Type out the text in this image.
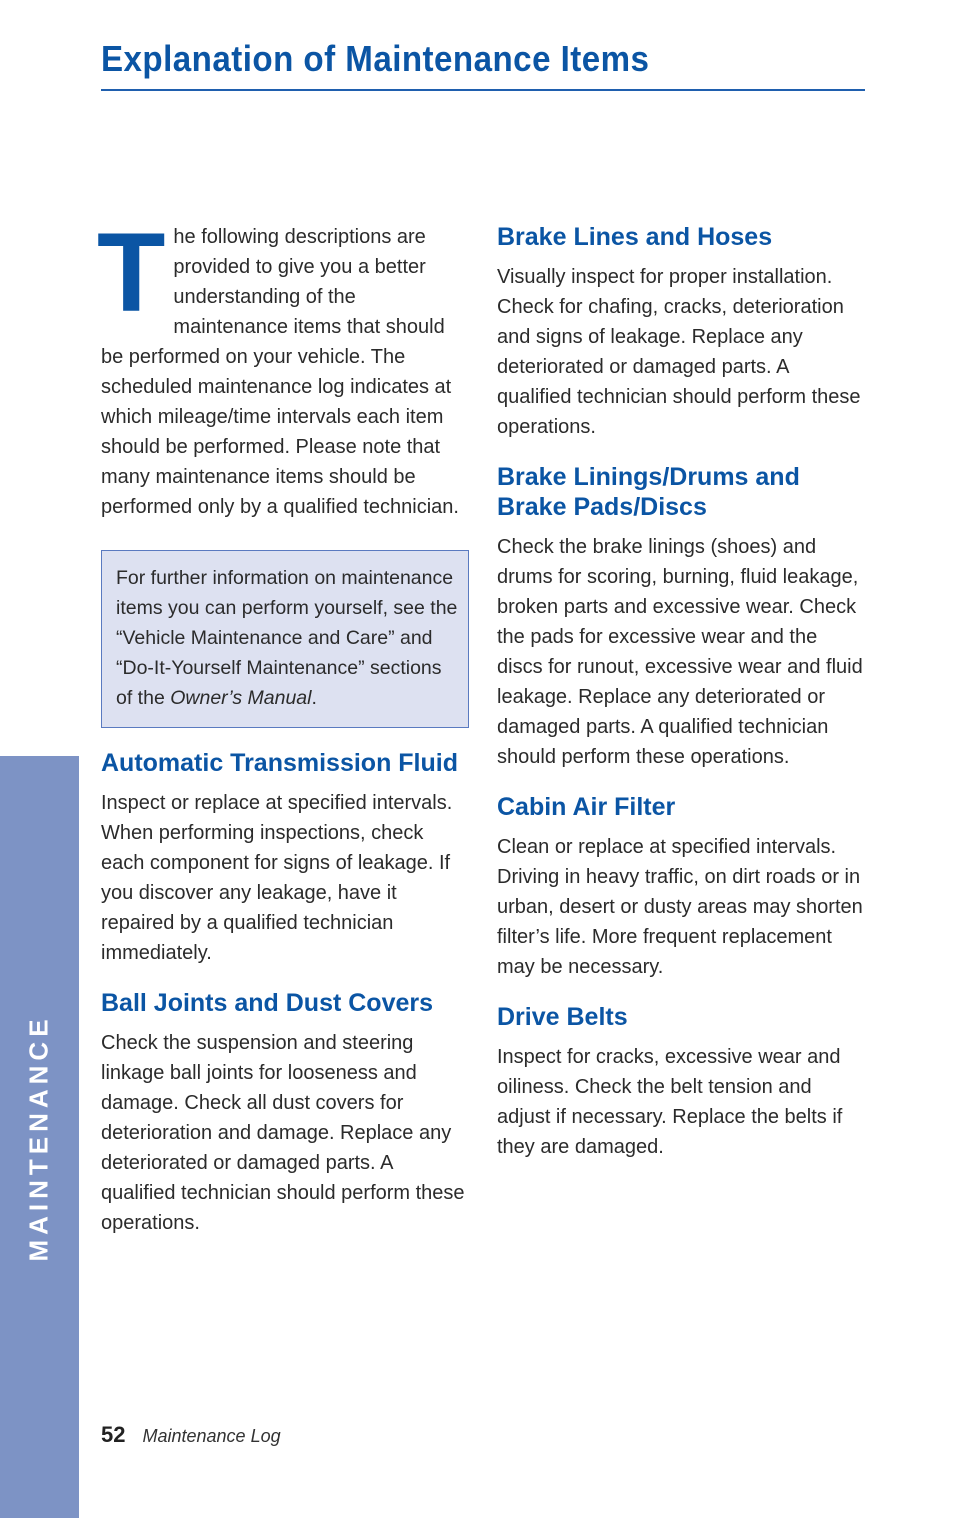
MAINTENANCE
Explanation of Maintenance Items

The following descriptions are provided to give you a better understanding of the maintenance items that should be performed on your vehicle. The scheduled maintenance log indicates at which mileage/time intervals each item should be performed. Please note that many maintenance items should be performed only by a qualified technician.

For further information on maintenance items you can perform yourself, see the “Vehicle Maintenance and Care” and “Do-It-Yourself Maintenance” sections of the Owner’s Manual.

Automatic Transmission Fluid

Inspect or replace at specified intervals. When performing inspections, check each component for signs of leakage. If you discover any leakage, have it repaired by a qualified technician immediately.

Ball Joints and Dust Covers

Check the suspension and steering linkage ball joints for looseness and damage. Check all dust covers for deterioration and damage. Replace any deteriorated or damaged parts. A qualified technician should perform these operations.

Brake Lines and Hoses

Visually inspect for proper installation. Check for chafing, cracks, deterioration and signs of leakage. Replace any deteriorated or damaged parts. A qualified technician should perform these operations.

Brake Linings/Drums and Brake Pads/Discs

Check the brake linings (shoes) and drums for scoring, burning, fluid leakage, broken parts and excessive wear. Check the pads for excessive wear and the discs for runout, excessive wear and fluid leakage. Replace any deteriorated or damaged parts. A qualified technician should perform these operations.

Cabin Air Filter

Clean or replace at specified intervals. Driving in heavy traffic, on dirt roads or in urban, desert or dusty areas may shorten filter’s life. More frequent replacement may be necessary.

Drive Belts

Inspect for cracks, excessive wear and oiliness. Check the belt tension and adjust if necessary. Replace the belts if they are damaged.

52 Maintenance Log
